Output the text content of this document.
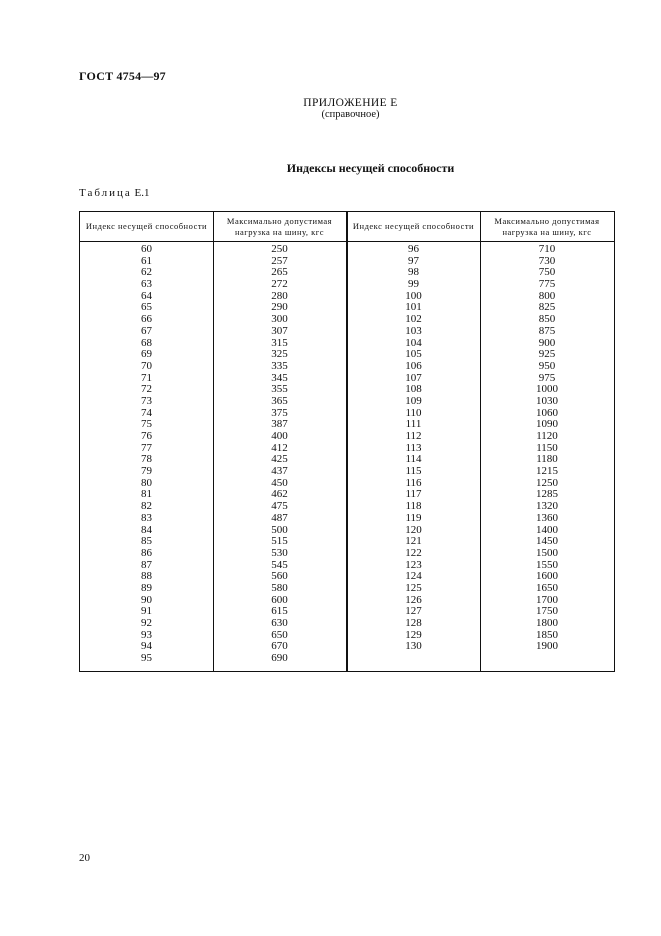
ГОСТ 4754—97
ПРИЛОЖЕНИЕ Е
(справочное)
Индексы несущей способности
Таблица Е.1
Индекс несущей способности
Максимально допустимая нагрузка на шину, кгс
Индекс несущей способности
Максимально допустимая нагрузка на шину, кгс
60
61
62
63
64
65
66
67
68
69
70
71
72
73
74
75
76
77
78
79
80
81
82
83
84
85
86
87
88
89
90
91
92
93
94
95
250
257
265
272
280
290
300
307
315
325
335
345
355
365
375
387
400
412
425
437
450
462
475
487
500
515
530
545
560
580
600
615
630
650
670
690
96
97
98
99
100
101
102
103
104
105
106
107
108
109
110
111
112
113
114
115
116
117
118
119
120
121
122
123
124
125
126
127
128
129
130
710
730
750
775
800
825
850
875
900
925
950
975
1000
1030
1060
1090
1120
1150
1180
1215
1250
1285
1320
1360
1400
1450
1500
1550
1600
1650
1700
1750
1800
1850
1900
20
